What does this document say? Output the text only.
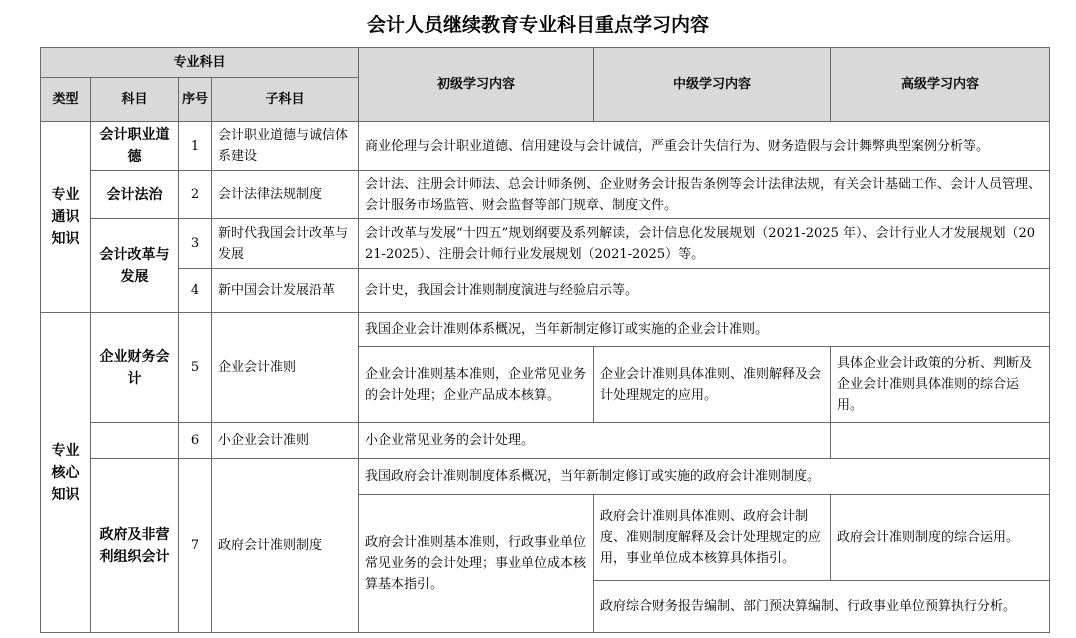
会计人员继续教育专业科目重点学习内容
专业科目				初级学习内容	中级学习内容	高级学习内容
类型	科目	序号	子科目			
专业通识知识	会计职业道德	1	会计职业道德与诚信体系建设	商业伦理与会计职业道德、信用建设与会计诚信，严重会计失信行为、财务造假与会计舞弊典型案例分析等。		
	会计法治	2	会计法律法规制度	会计法、注册会计师法、总会计师条例、企业财务会计报告条例等会计法律法规，有关会计基础工作、会计人员管理、会计服务市场监管、财会监督等部门规章、制度文件。		
	会计改革与发展	3	新时代我国会计改革与发展	会计改革与发展“十四五”规划纲要及系列解读，会计信息化发展规划（2021-2025 年）、会计行业人才发展规划（2021-2025）、注册会计师行业发展规划（2021-2025）等。		
		4	新中国会计发展沿革	会计史，我国会计准则制度演进与经验启示等。		
专业核心知识	企业财务会计	5	企业会计准则	我国企业会计准则体系概况，当年新制定修订或实施的企业会计准则。		
				企业会计准则基本准则，企业常见业务的会计处理；企业产品成本核算。	企业会计准则具体准则、准则解释及会计处理规定的应用。	具体企业会计政策的分析、判断及企业会计准则具体准则的综合运用。
		6	小企业会计准则	小企业常见业务的会计处理。		
	政府及非营利组织会计	7	政府会计准则制度	我国政府会计准则制度体系概况，当年新制定修订或实施的政府会计准则制度。		
				政府会计准则基本准则，行政事业单位常见业务的会计处理；事业单位成本核算基本指引。	政府会计准则具体准则、政府会计制度、准则制度解释及会计处理规定的应用，事业单位成本核算具体指引。	政府会计准则制度的综合运用。

					政府综合财务报告编制、部门预决算编制、行政事业单位预算执行分析。	
